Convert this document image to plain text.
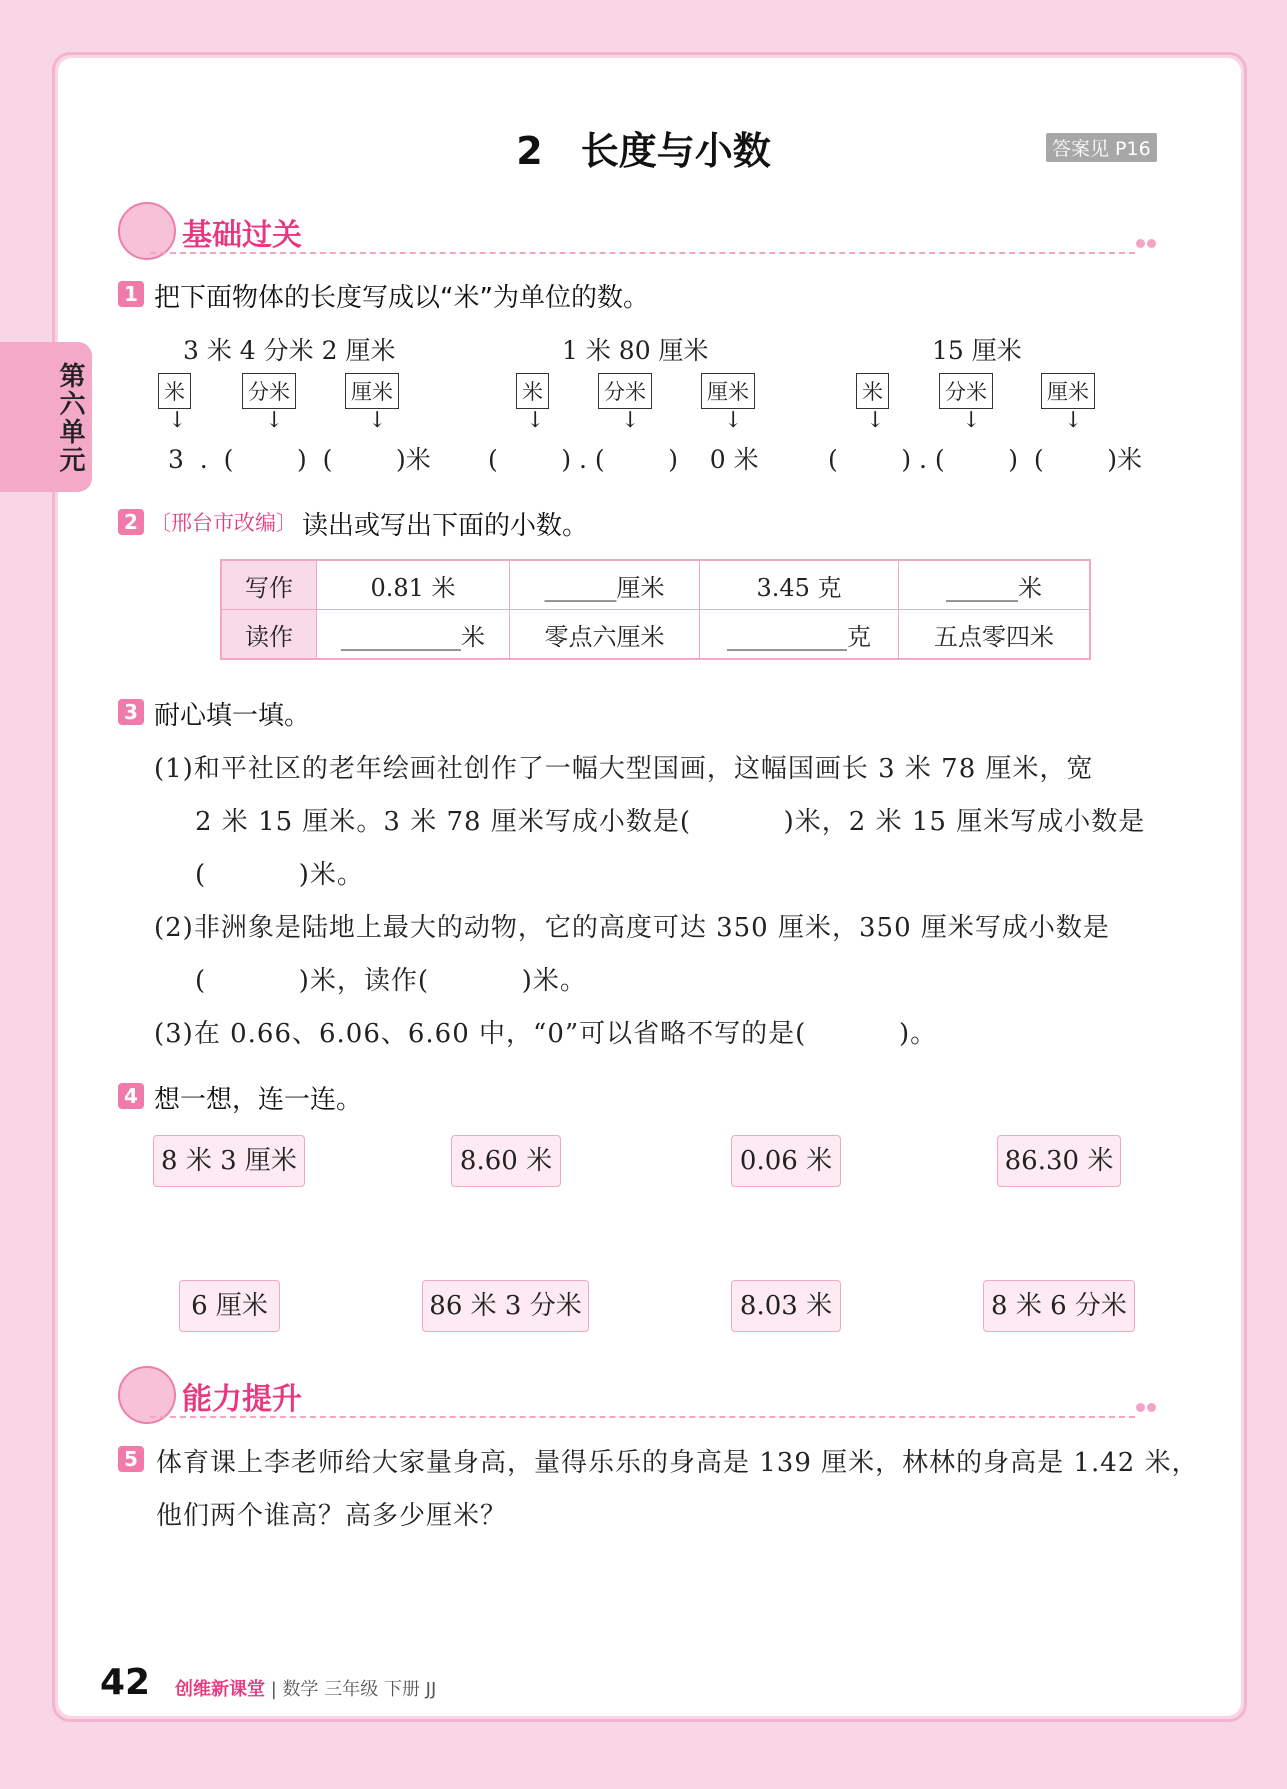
第六单元
2　长度与小数	答案见 P16
基础过关
1 把下面物体的长度写成以“米”为单位的数。
3 米 4 分米 2 厘米
米	分米	厘米
↓	↓	↓
3  .  (        )  (        )米
1 米 80 厘米
米	分米	厘米
↓	↓	↓
(        ) . (        )    0 米
15 厘米
米	分米	厘米
↓	↓	↓
(        ) . (        )  (        )米
2 〔邢台市改编〕 读出或写出下面的小数。
写作	0.81 米	______厘米	3.45 克	______米
读作	__________米	零点六厘米	__________克	五点零四米
3 耐心填一填。
(1)和平社区的老年绘画社创作了一幅大型国画，这幅国画长 3 米 78 厘米，宽
2 米 15 厘米。3 米 78 厘米写成小数是(          )米，2 米 15 厘米写成小数是
(          )米。
(2)非洲象是陆地上最大的动物，它的高度可达 350 厘米，350 厘米写成小数是
(          )米，读作(          )米。
(3)在 0.66、6.06、6.60 中，“0”可以省略不写的是(          )。
4 想一想，连一连。
8 米 3 厘米	8.60 米	0.06 米	86.30 米
6 厘米	86 米 3 分米	8.03 米	8 米 6 分米
能力提升
5 体育课上李老师给大家量身高，量得乐乐的身高是 139 厘米，林林的身高是 1.42 米，
他们两个谁高？高多少厘米？
42 创维新课堂 | 数学 三年级 下册 JJ
